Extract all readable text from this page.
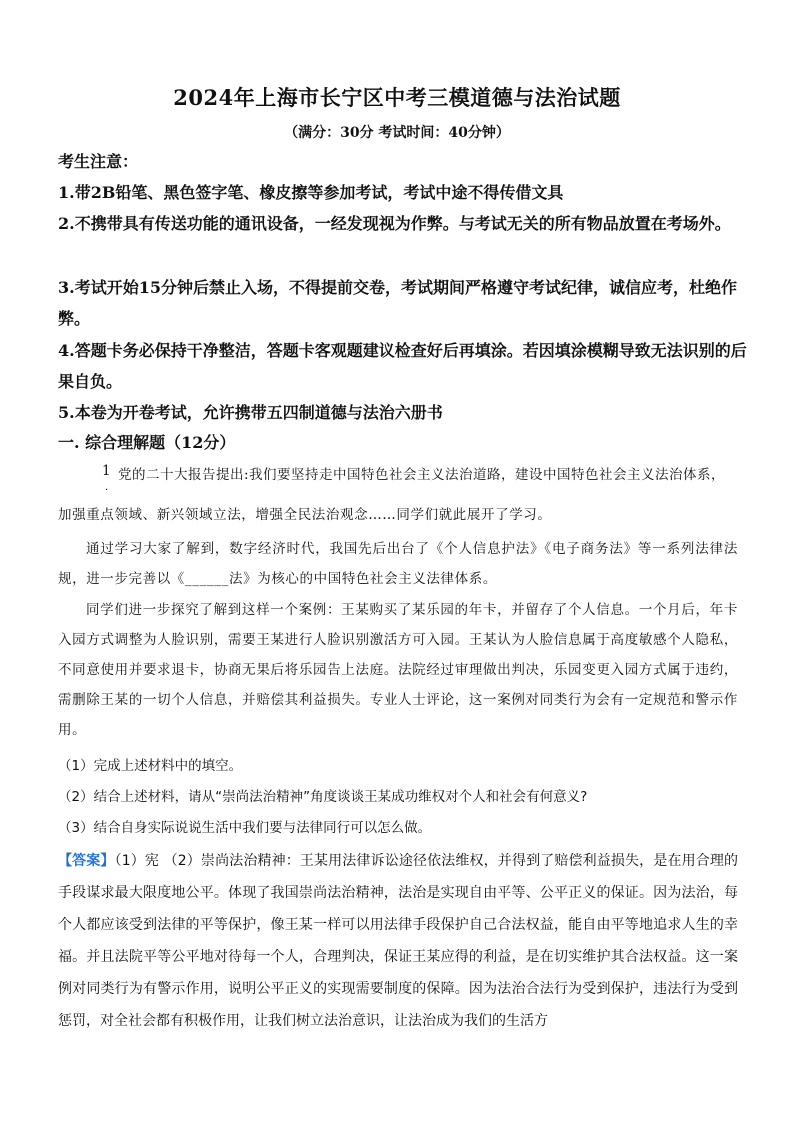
2024年上海市长宁区中考三模道德与法治试题
（满分：30分 考试时间：40分钟）
考生注意：
1.带2B铅笔、黑色签字笔、橡皮擦等参加考试，考试中途不得传借文具
2.不携带具有传送功能的通讯设备，一经发现视为作弊。与考试无关的所有物品放置在考场外。
3.考试开始15分钟后禁止入场，不得提前交卷，考试期间严格遵守考试纪律，诚信应考，杜绝作弊。
4.答题卡务必保持干净整洁，答题卡客观题建议检查好后再填涂。若因填涂模糊导致无法识别的后果自负。
5.本卷为开卷考试，允许携带五四制道德与法治六册书
一. 综合理解题（12分）
1
．
党的二十大报告提出:我们要坚持走中国特色社会主义法治道路，建设中国特色社会主义法治体系，
加强重点领域、新兴领域立法，增强全民法治观念……同学们就此展开了学习。
通过学习大家了解到，数字经济时代，我国先后出台了《个人信息护法》《电子商务法》等一系列法律法规，进一步完善以《______法》为核心的中国特色社会主义法律体系。
同学们进一步探究了解到这样一个案例：王某购买了某乐园的年卡，并留存了个人信息。一个月后，年卡入园方式调整为人脸识别，需要王某进行人脸识别激活方可入园。王某认为人脸信息属于高度敏感个人隐私，不同意使用并要求退卡，协商无果后将乐园告上法庭。法院经过审理做出判决，乐园变更入园方式属于违约，需删除王某的一切个人信息，并赔偿其利益损失。专业人士评论，这一案例对同类行为会有一定规范和警示作用。
（1）完成上述材料中的填空。
（2）结合上述材料，请从“崇尚法治精神”角度谈谈王某成功维权对个人和社会有何意义?
（3）结合自身实际说说生活中我们要与法律同行可以怎么做。
【答案】（1）宪 （2）崇尚法治精神：王某用法律诉讼途径依法维权，并得到了赔偿利益损失，是在用合理的手段谋求最大限度地公平。体现了我国崇尚法治精神，法治是实现自由平等、公平正义的保证。因为法治，每个人都应该受到法律的平等保护，像王某一样可以用法律手段保护自己合法权益，能自由平等地追求人生的幸福。并且法院平等公平地对待每一个人，合理判决，保证王某应得的利益，是在切实维护其合法权益。这一案例对同类行为有警示作用，说明公平正义的实现需要制度的保障。因为法治合法行为受到保护，违法行为受到惩罚，对全社会都有积极作用，让我们树立法治意识，让法治成为我们的生活方
